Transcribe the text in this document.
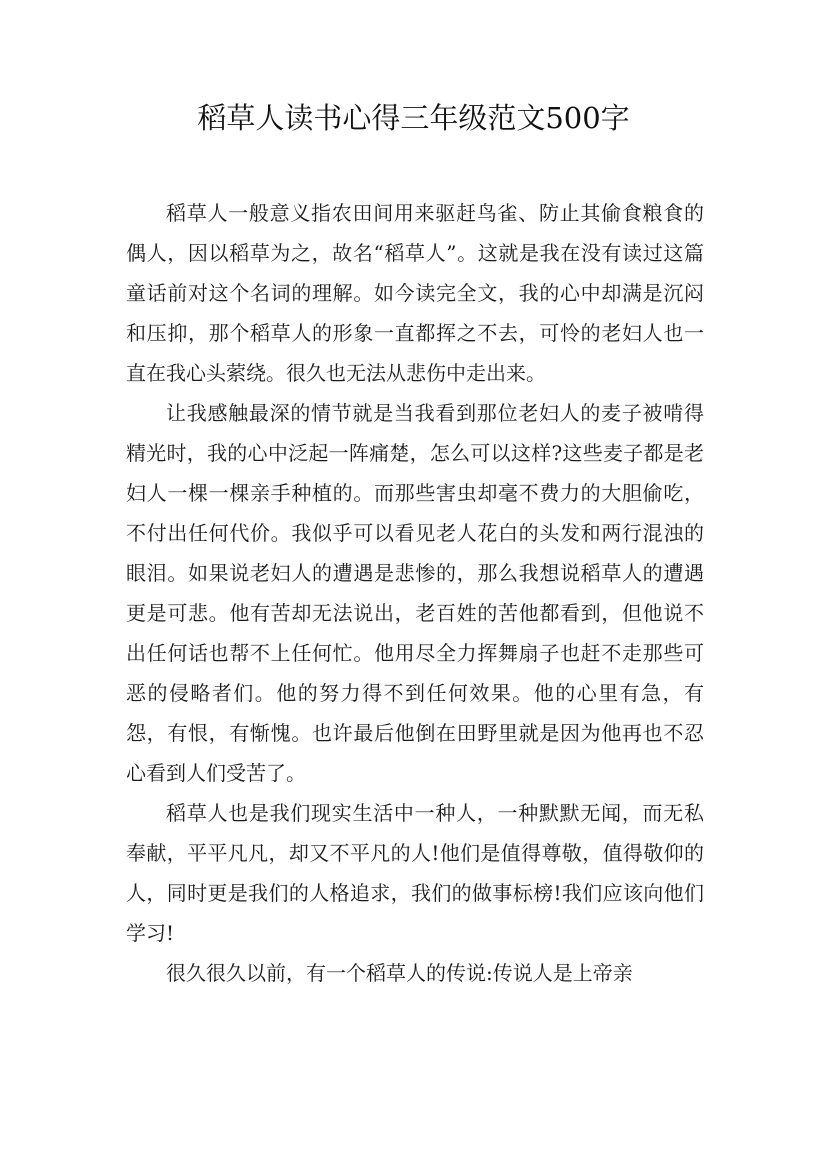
稻草人读书心得三年级范文500字

稻草人一般意义指农田间用来驱赶鸟雀、防止其偷食粮食的偶人，因以稻草为之，故名“稻草人”。这就是我在没有读过这篇童话前对这个名词的理解。如今读完全文，我的心中却满是沉闷和压抑，那个稻草人的形象一直都挥之不去，可怜的老妇人也一直在我心头萦绕。很久也无法从悲伤中走出来。

让我感触最深的情节就是当我看到那位老妇人的麦子被啃得精光时，我的心中泛起一阵痛楚，怎么可以这样?这些麦子都是老妇人一棵一棵亲手种植的。而那些害虫却毫不费力的大胆偷吃，不付出任何代价。我似乎可以看见老人花白的头发和两行混浊的眼泪。如果说老妇人的遭遇是悲惨的，那么我想说稻草人的遭遇更是可悲。他有苦却无法说出，老百姓的苦他都看到，但他说不出任何话也帮不上任何忙。他用尽全力挥舞扇子也赶不走那些可恶的侵略者们。他的努力得不到任何效果。他的心里有急，有怨，有恨，有惭愧。也许最后他倒在田野里就是因为他再也不忍心看到人们受苦了。

稻草人也是我们现实生活中一种人，一种默默无闻，而无私奉献，平平凡凡，却又不平凡的人!他们是值得尊敬，值得敬仰的人，同时更是我们的人格追求，我们的做事标榜!我们应该向他们学习!

很久很久以前，有一个稻草人的传说:传说人是上帝亲
